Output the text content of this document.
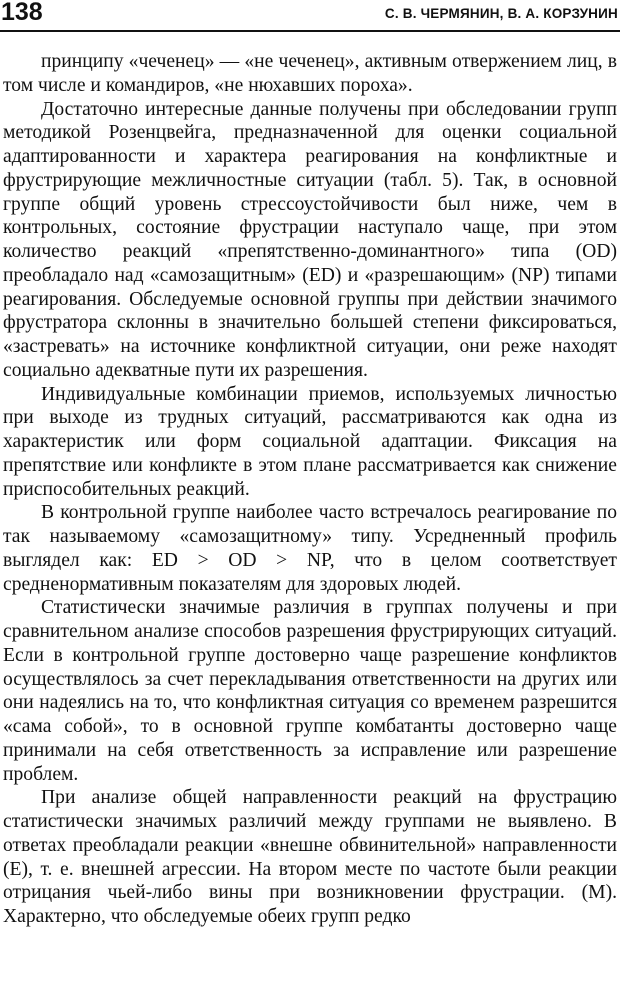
138	С. В. ЧЕРМЯНИН, В. А. КОРЗУНИН

принципу «чеченец» — «не чеченец», активным отвержением лиц, в том числе и командиров, «не нюхавших пороха».

Достаточно интересные данные получены при обследовании групп методикой Розенцвейга, предназначенной для оценки социальной адаптированности и характера реагирования на конфликтные и фрустрирующие межличностные ситуации (табл. 5). Так, в основной группе общий уровень стрессоустойчивости был ниже, чем в контрольных, состояние фрустрации наступало чаще, при этом количество реакций «препятственно-доминантного» типа (OD) преобладало над «самозащитным» (ED) и «разрешающим» (NP) типами реагирования. Обследуемые основной группы при действии значимого фрустратора склонны в значительно большей степени фиксироваться, «застревать» на источнике конфликтной ситуации, они реже находят социально адекватные пути их разрешения.

Индивидуальные комбинации приемов, используемых личностью при выходе из трудных ситуаций, рассматриваются как одна из характеристик или форм социальной адаптации. Фиксация на препятствие или конфликте в этом плане рассматривается как снижение приспособительных реакций.

В контрольной группе наиболее часто встречалось реагирование по так называемому «самозащитному» типу. Усредненный профиль выглядел как: ED > OD > NP, что в целом соответствует средненормативным показателям для здоровых людей.

Статистически значимые различия в группах получены и при сравнительном анализе способов разрешения фрустрирующих ситуаций. Если в контрольной группе достоверно чаще разрешение конфликтов осуществлялось за счет перекладывания ответственности на других или они надеялись на то, что конфликтная ситуация со временем разрешится «сама собой», то в основной группе комбатанты достоверно чаще принимали на себя ответственность за исправление или разрешение проблем.

При анализе общей направленности реакций на фрустрацию статистически значимых различий между группами не выявлено. В ответах преобладали реакции «внешне обвинительной» направленности (E), т. е. внешней агрессии. На втором месте по частоте были реакции отрицания чьей-либо вины при возникновении фрустрации. (M). Характерно, что обследуемые обеих групп редко
